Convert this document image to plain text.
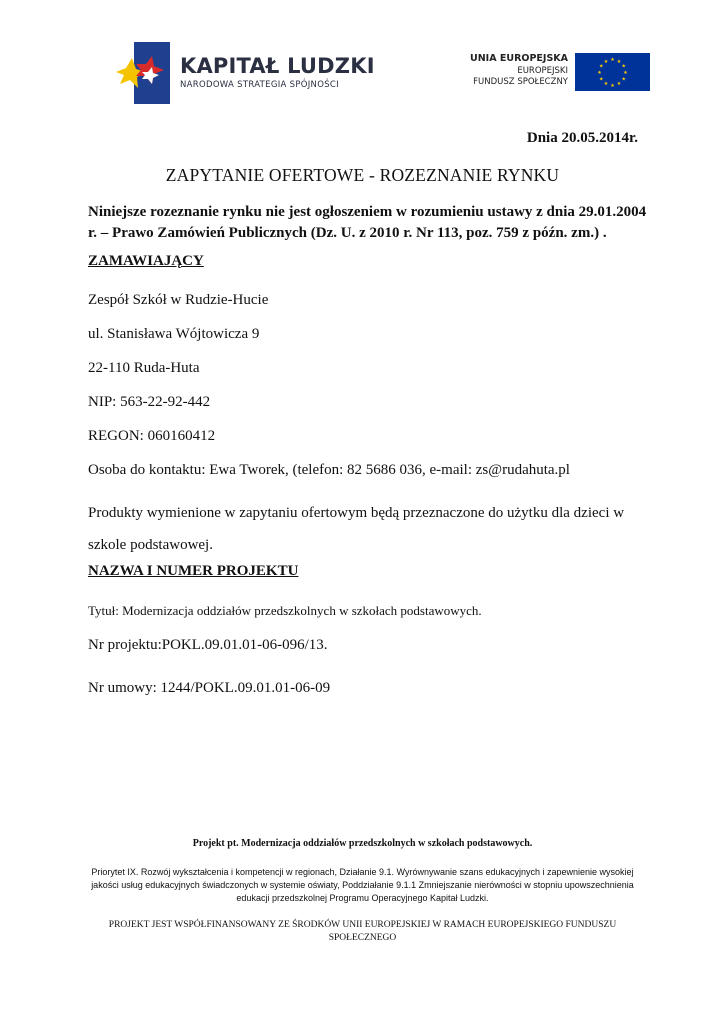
KAPITAŁ LUDZKI
NARODOWA STRATEGIA SPÓJNOŚCI
UNIA EUROPEJSKA
EUROPEJSKI
FUNDUSZ SPOŁECZNY
★ ★
★
★
★
★
★
★
★
★
★
★
Dnia 20.05.2014r.
ZAPYTANIE OFERTOWE - ROZEZNANIE RYNKU
Niniejsze rozeznanie rynku nie jest ogłoszeniem w rozumieniu ustawy z dnia 29.01.2004 r. – Prawo Zamówień Publicznych (Dz. U. z 2010 r. Nr 113, poz. 759 z późn. zm.) .
ZAMAWIAJĄCY
Zespół Szkół w Rudzie-Hucie
ul. Stanisława Wójtowicza 9
22-110 Ruda-Huta
NIP: 563-22-92-442
REGON: 060160412
Osoba do kontaktu: Ewa Tworek, (telefon: 82 5686 036, e-mail: zs@rudahuta.pl
Produkty wymienione w zapytaniu ofertowym będą przeznaczone do użytku dla dzieci w szkole podstawowej.
NAZWA I NUMER PROJEKTU
Tytuł: Modernizacja oddziałów przedszkolnych w szkołach podstawowych.
Nr projektu:POKL.09.01.01-06-096/13.
Nr umowy: 1244/POKL.09.01.01-06-09
Projekt pt. Modernizacja oddziałów przedszkolnych w szkołach podstawowych.
Priorytet IX. Rozwój wykształcenia i kompetencji w regionach, Działanie 9.1. Wyrównywanie szans edukacyjnych i zapewnienie wysokiej jakości usług edukacyjnych świadczonych w systemie oświaty, Poddziałanie 9.1.1 Zmniejszanie nierówności w stopniu upowszechnienia edukacji przedszkolnej Programu Operacyjnego Kapitał Ludzki.
PROJEKT JEST WSPÓŁFINANSOWANY ZE ŚRODKÓW UNII EUROPEJSKIEJ W RAMACH EUROPEJSKIEGO FUNDUSZU SPOŁECZNEGO
